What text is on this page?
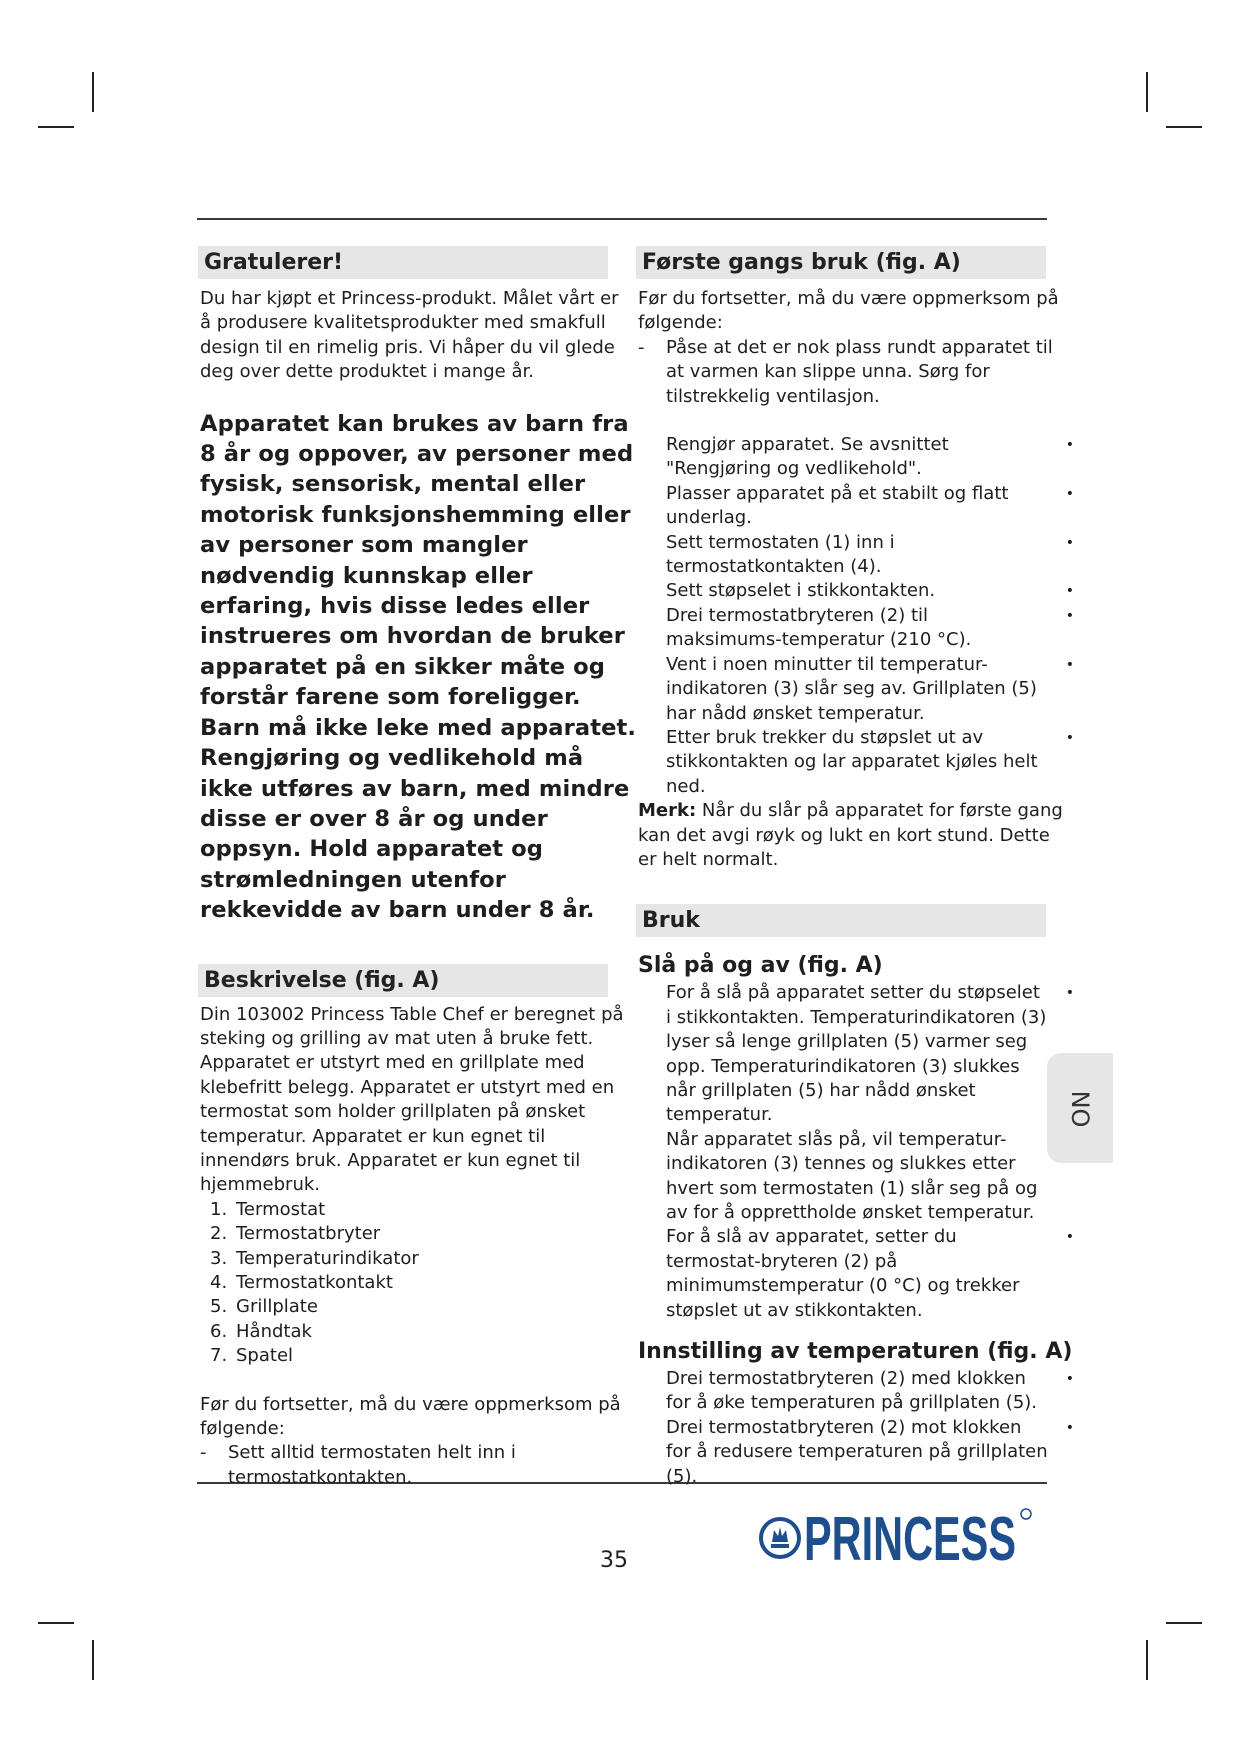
Gratulerer!

Du har kjøpt et Princess-produkt. Målet vårt er å produsere kvalitetsprodukter med smakfull design til en rimelig pris. Vi håper du vil glede deg over dette produktet i mange år.

Apparatet kan brukes av barn fra 8 år og oppover, av personer med fysisk, sensorisk, mental eller motorisk funksjonshemming eller av personer som mangler nødvendig kunnskap eller erfaring, hvis disse ledes eller instrueres om hvordan de bruker apparatet på en sikker måte og forstår farene som foreligger. Barn må ikke leke med apparatet. Rengjøring og vedlikehold må ikke utføres av barn, med mindre disse er over 8 år og under oppsyn. Hold apparatet og strømledningen utenfor rekkevidde av barn under 8 år.

Beskrivelse (fig. A)

Din 103002 Princess Table Chef er beregnet på steking og grilling av mat uten å bruke fett. Apparatet er utstyrt med en grillplate med klebefritt belegg. Apparatet er utstyrt med en termostat som holder grillplaten på ønsket temperatur. Apparatet er kun egnet til innendørs bruk. Apparatet er kun egnet til hjemmebruk.

1. Termostat
2. Termostatbryter
3. Temperaturindikator
4. Termostatkontakt
5. Grillplate
6. Håndtak
7. Spatel

Før du fortsetter, må du være oppmerksom på følgende:

- Sett alltid termostaten helt inn i termostatkontakten.
Første gangs bruk (fig. A)

Før du fortsetter, må du være oppmerksom på følgende:

- Påse at det er nok plass rundt apparatet til at varmen kan slippe unna. Sørg for tilstrekkelig ventilasjon.
Rengjør apparatet. Se avsnittet "Rengjøring og vedlikehold".
•
Plasser apparatet på et stabilt og flatt underlag.
•
Sett termostaten (1) inn i termostatkontakten (4).
•
Sett støpselet i stikkontakten.	•
Drei termostatbryteren (2) til maksimums-temperatur (210 °C).
•
Vent i noen minutter til temperatur-indikatoren (3) slår seg av. Grillplaten (5) har nådd ønsket temperatur.
•
Etter bruk trekker du støpslet ut av stikkontakten og lar apparatet kjøles helt ned.
•

Merk: Når du slår på apparatet for første gang kan det avgi røyk og lukt en kort stund. Dette er helt normalt.

Bruk

Slå på og av (fig. A)

For å slå på apparatet setter du støpselet i stikkontakten. Temperaturindikatoren (3) lyser så lenge grillplaten (5) varmer seg opp. Temperaturindikatoren (3) slukkes når grillplaten (5) har nådd ønsket temperatur.
•
Når apparatet slås på, vil temperatur-indikatoren (3) tennes og slukkes etter hvert som termostaten (1) slår seg på og av for å opprettholde ønsket temperatur.
For å slå av apparatet, setter du termostat-bryteren (2) på minimumstemperatur (0 °C) og trekker støpslet ut av stikkontakten.
•

Innstilling av temperaturen (fig. A)

Drei termostatbryteren (2) med klokken for å øke temperaturen på grillplaten (5).
•
Drei termostatbryteren (2) mot klokken for å redusere temperaturen på grillplaten (5).
•
NO
35	PRINCESS
